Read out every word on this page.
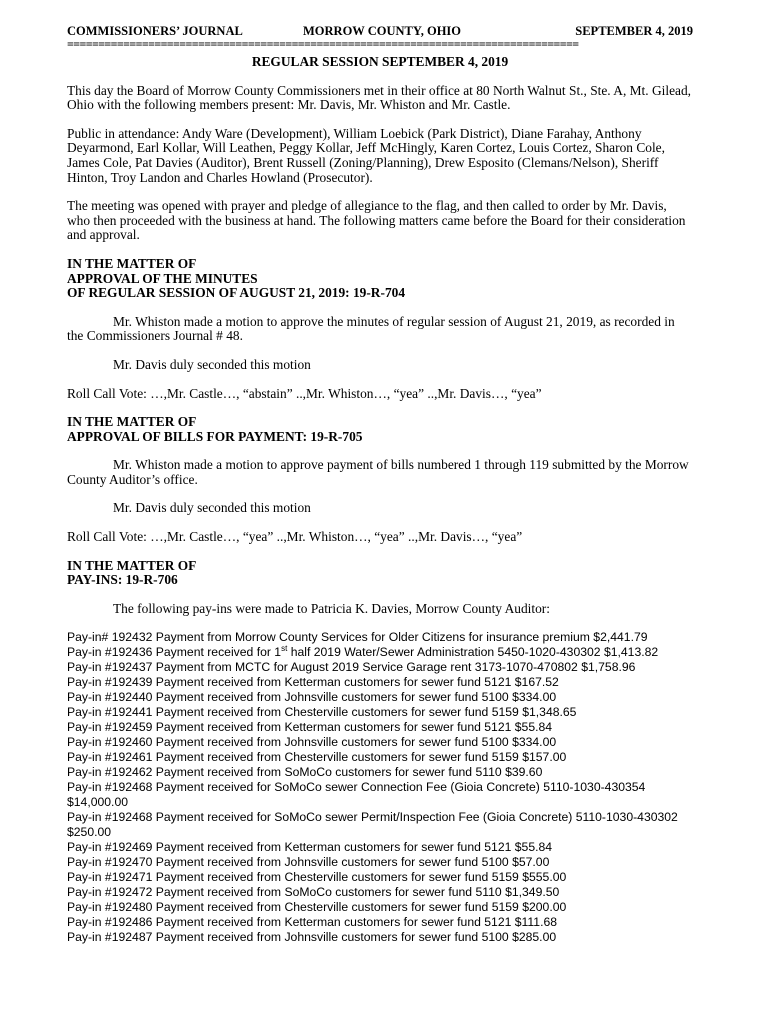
COMMISSIONERS’ JOURNAL	MORROW COUNTY, OHIO	SEPTEMBER 4, 2019
==================================================================================
REGULAR SESSION SEPTEMBER 4, 2019

This day the Board of Morrow County Commissioners met in their office at 80 North Walnut St., Ste. A, Mt. Gilead, Ohio with the following members present: Mr. Davis, Mr. Whiston and Mr. Castle.

Public in attendance: Andy Ware (Development), William Loebick (Park District), Diane Farahay, Anthony Deyarmond, Earl Kollar, Will Leathen, Peggy Kollar, Jeff McHingly, Karen Cortez, Louis Cortez, Sharon Cole, James Cole, Pat Davies (Auditor), Brent Russell (Zoning/Planning), Drew Esposito (Clemans/Nelson), Sheriff Hinton, Troy Landon and Charles Howland (Prosecutor).

The meeting was opened with prayer and pledge of allegiance to the flag, and then called to order by Mr. Davis, who then proceeded with the business at hand. The following matters came before the Board for their consideration and approval.

IN THE MATTER OF
APPROVAL OF THE MINUTES
OF REGULAR SESSION OF AUGUST 21, 2019: 19-R-704

Mr. Whiston made a motion to approve the minutes of regular session of August 21, 2019, as recorded in the Commissioners Journal # 48.

Mr. Davis duly seconded this motion

Roll Call Vote: …,Mr. Castle…, “abstain” ..,Mr. Whiston…, “yea” ..,Mr. Davis…, “yea”

IN THE MATTER OF
APPROVAL OF BILLS FOR PAYMENT: 19-R-705

Mr. Whiston made a motion to approve payment of bills numbered 1 through 119 submitted by the Morrow County Auditor’s office.

Mr. Davis duly seconded this motion

Roll Call Vote: …,Mr. Castle…, “yea” ..,Mr. Whiston…, “yea” ..,Mr. Davis…, “yea”

IN THE MATTER OF
PAY-INS: 19-R-706

The following pay-ins were made to Patricia K. Davies, Morrow County Auditor:

Pay-in# 192432 Payment from Morrow County Services for Older Citizens for insurance premium $2,441.79
Pay-in #192436 Payment received for 1st half 2019 Water/Sewer Administration 5450-1020-430302 $1,413.82
Pay-in #192437 Payment from MCTC for August 2019 Service Garage rent 3173-1070-470802 $1,758.96
Pay-in #192439 Payment received from Ketterman customers for sewer fund 5121 $167.52
Pay-in #192440 Payment received from Johnsville customers for sewer fund 5100 $334.00
Pay-in #192441 Payment received from Chesterville customers for sewer fund 5159 $1,348.65
Pay-in #192459 Payment received from Ketterman customers for sewer fund 5121 $55.84
Pay-in #192460 Payment received from Johnsville customers for sewer fund 5100 $334.00
Pay-in #192461 Payment received from Chesterville customers for sewer fund 5159 $157.00
Pay-in #192462 Payment received from SoMoCo customers for sewer fund 5110 $39.60
Pay-in #192468 Payment received for SoMoCo sewer Connection Fee (Gioia Concrete) 5110-1030-430354 $14,000.00
Pay-in #192468 Payment received for SoMoCo sewer Permit/Inspection Fee (Gioia Concrete) 5110-1030-430302 $250.00
Pay-in #192469 Payment received from Ketterman customers for sewer fund 5121 $55.84
Pay-in #192470 Payment received from Johnsville customers for sewer fund 5100 $57.00
Pay-in #192471 Payment received from Chesterville customers for sewer fund 5159 $555.00
Pay-in #192472 Payment received from SoMoCo customers for sewer fund 5110 $1,349.50
Pay-in #192480 Payment received from Chesterville customers for sewer fund 5159 $200.00
Pay-in #192486 Payment received from Ketterman customers for sewer fund 5121 $111.68
Pay-in #192487 Payment received from Johnsville customers for sewer fund 5100 $285.00
